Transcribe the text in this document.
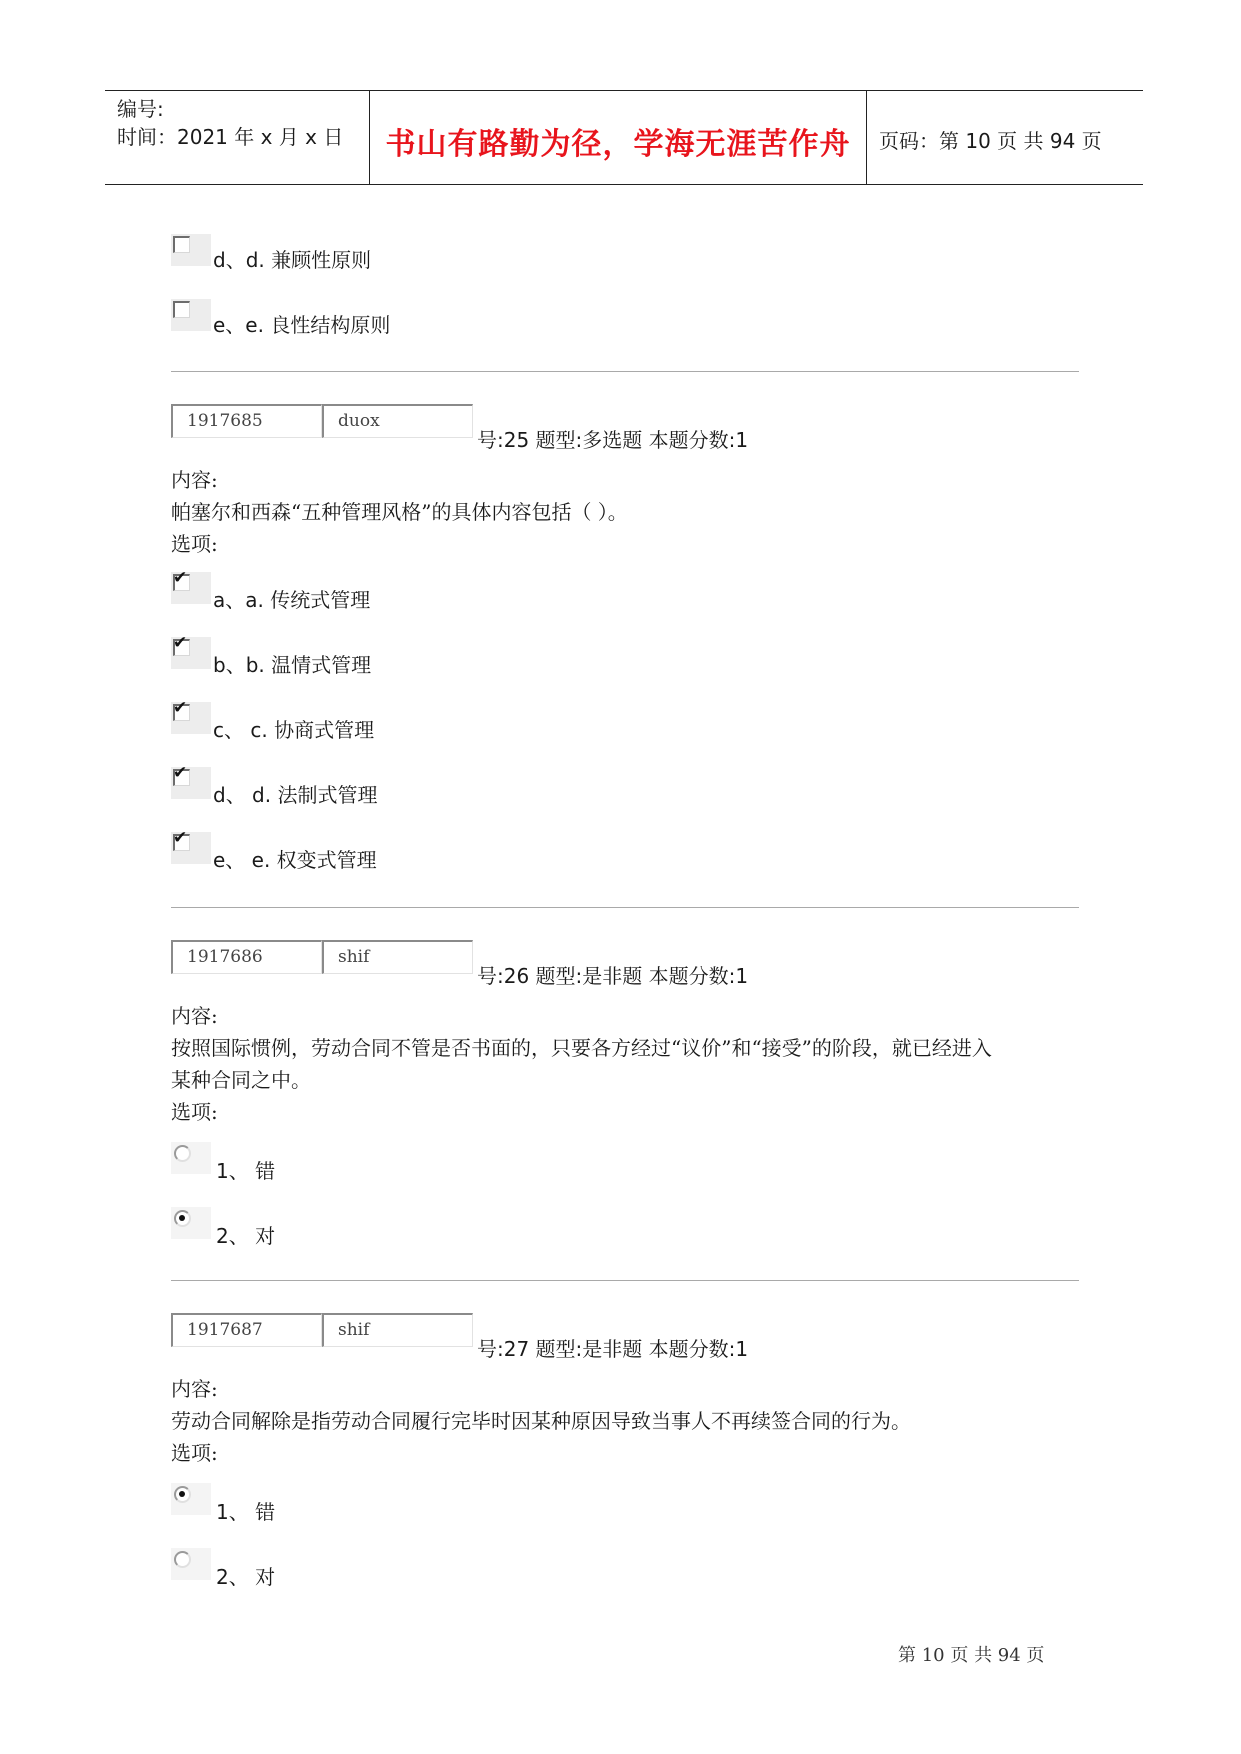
编号:
时间：2021 年 x 月 x 日	书山有路勤为径，学海无涯苦作舟	页码：第 10 页 共 94 页
d、d. 兼顾性原则
e、e. 良性结构原则
1917685	duox
号:25 题型:多选题 本题分数:1
内容:
帕塞尔和西森“五种管理风格”的具体内容包括（ ）。
选项:
✔
a、a. 传统式管理
✔
b、b. 温情式管理
✔
c、 c. 协商式管理
✔
d、 d. 法制式管理
✔
e、 e. 权变式管理
1917686	shif
号:26 题型:是非题 本题分数:1
内容:
按照国际惯例，劳动合同不管是否书面的，只要各方经过“议价”和“接受”的阶段，就已经进入
某种合同之中。
选项:
1、 错
2、 对
1917687	shif
号:27 题型:是非题 本题分数:1
内容:
劳动合同解除是指劳动合同履行完毕时因某种原因导致当事人不再续签合同的行为。
选项:
1、 错
2、 对
第 10 页 共 94 页
